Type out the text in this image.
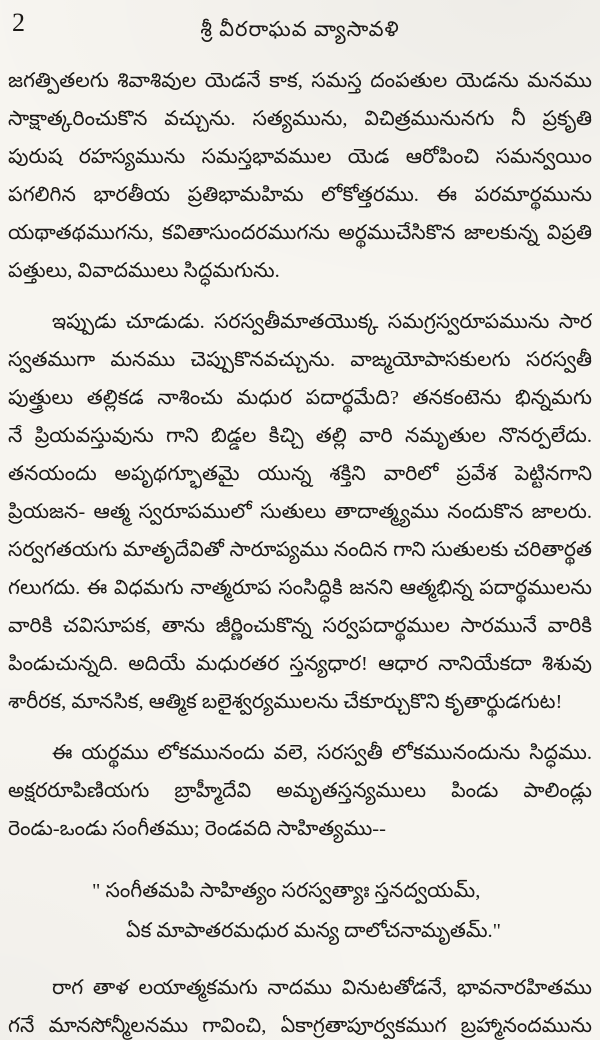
2	శ్రీ వీరరాఘవ వ్యాసావళి
జగత్పితలగు శివాశివుల యెడనే కాక, సమస్త దంపతుల యెడను మనము
సాక్షాత్కరించుకొన వచ్చును. సత్యమును, విచిత్రమునునగు నీ ప్రకృతి
పురుష రహస్యమును సమస్తభావముల యెడ ఆరోపించి సమన్వయిం
పగలిగిన భారతీయ ప్రతిభామహిమ లోకోత్తరము. ఈ పరమార్థమును
యథాతథముగను, కవితాసుందరముగను అర్థముచేసికొన జాలకున్న విప్రతి
పత్తులు, వివాదములు సిద్ధమగును.
ఇప్పుడు చూడుడు. సరస్వతీమాతయొక్క సమగ్రస్వరూపమును సార
స్వతముగా మనము చెప్పుకొనవచ్చును. వాఙ్మయోపాసకులగు సరస్వతీ
పుత్త్రులు తల్లికడ నాశించు మధుర పదార్థమేది? తనకంటెను భిన్నమగు
నే ప్రియవస్తువును గాని బిడ్డల కిచ్చి తల్లి వారి నమృతుల నొనర్పలేదు.
తనయందు అపృథగ్భూతమై యున్న శక్తిని వారిలో ప్రవేశ పెట్టినగాని
ప్రియజన- ఆత్మ స్వరూపములో సుతులు తాదాత్మ్యము నందుకొన జాలరు.
సర్వగతయగు మాతృదేవితో సారూప్యము నందిన గాని సుతులకు చరితార్థత
గలుగదు. ఈ విధమగు నాత్మరూప సంసిద్ధికి జనని ఆత్మభిన్న పదార్థములను
వారికి చవిసూపక, తాను జీర్ణించుకొన్న సర్వపదార్థముల సారమునే వారికి
పిండుచున్నది. అదియే మధురతర స్తన్యధార! ఆధార నానియేకదా శిశువు
శారీరక, మానసిక, ఆత్మిక బలైశ్వర్యములను చేకూర్చుకొని కృతార్థుడగుట!
ఈ యర్థము లోకమునందు వలె, సరస్వతీ లోకమునందును సిద్ధము.
అక్షరరూపిణియగు బ్రాహ్మీదేవి అమృతస్తన్యములు పిండు పాలిండ్లు
రెండు-ఒండు సంగీతము; రెండవది సాహిత్యము--
" సంగీతమపి సాహిత్యం సరస్వత్యాః స్తనద్వయమ్,
ఏక మాపాతరమధుర మన్య దాలోచనామృతమ్."
రాగ తాళ లయాత్మకమగు నాదము వినుటతోడనే, భావనారహితము
గనే మానసోన్మీలనము గావించి, ఏకాగ్రతాపూర్వకముగ బ్రహ్మానందమును
